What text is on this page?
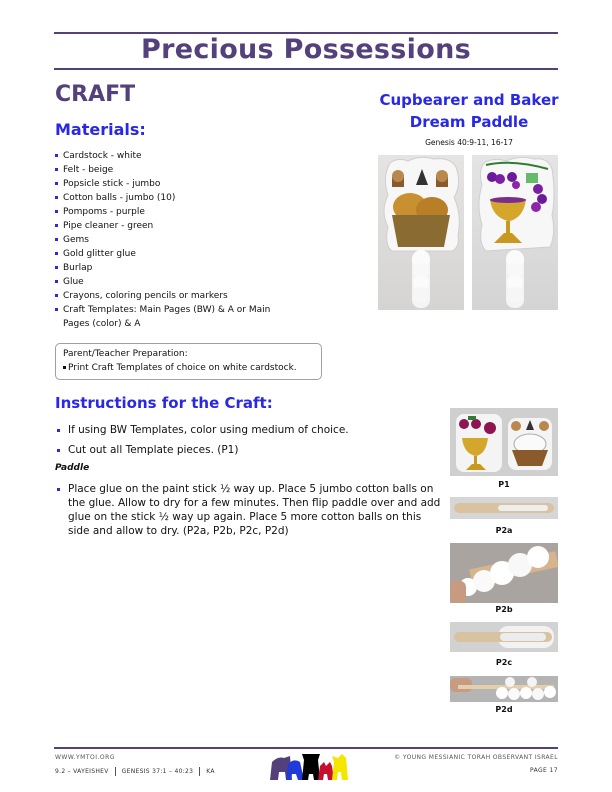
Precious Possessions
CRAFT
Materials:
Cardstock - white
Felt - beige
Popsicle stick - jumbo
Cotton balls - jumbo (10)
Pompoms - purple
Pipe cleaner - green
Gems
Gold glitter glue
Burlap
Glue
Crayons, coloring pencils or markers
Craft Templates: Main Pages (BW) & A or Main Pages (color) & A
Parent/Teacher Preparation:
Print Craft Templates of choice on white cardstock.
Cupbearer and Baker
Dream Paddle
Genesis 40:9-11, 16-17
Instructions for the Craft:
If using BW Templates, color using medium of choice.
Cut out all Template pieces. (P1)
Paddle
Place glue on the paint stick ½ way up. Place 5 jumbo cotton balls on the glue. Allow to dry for a few minutes. Then flip paddle over and add glue on the stick ½ way up again. Place 5 more cotton balls on this side and allow to dry. (P2a, P2b, P2c, P2d)
P1
P2a
P2b
P2c
P2d
WWW.YMTOI.ORG
9.2 – VAYEISHEV GENESIS 37:1 – 40:23 KA
© YOUNG MESSIANIC TORAH OBSERVANT ISRAEL
PAGE 17
